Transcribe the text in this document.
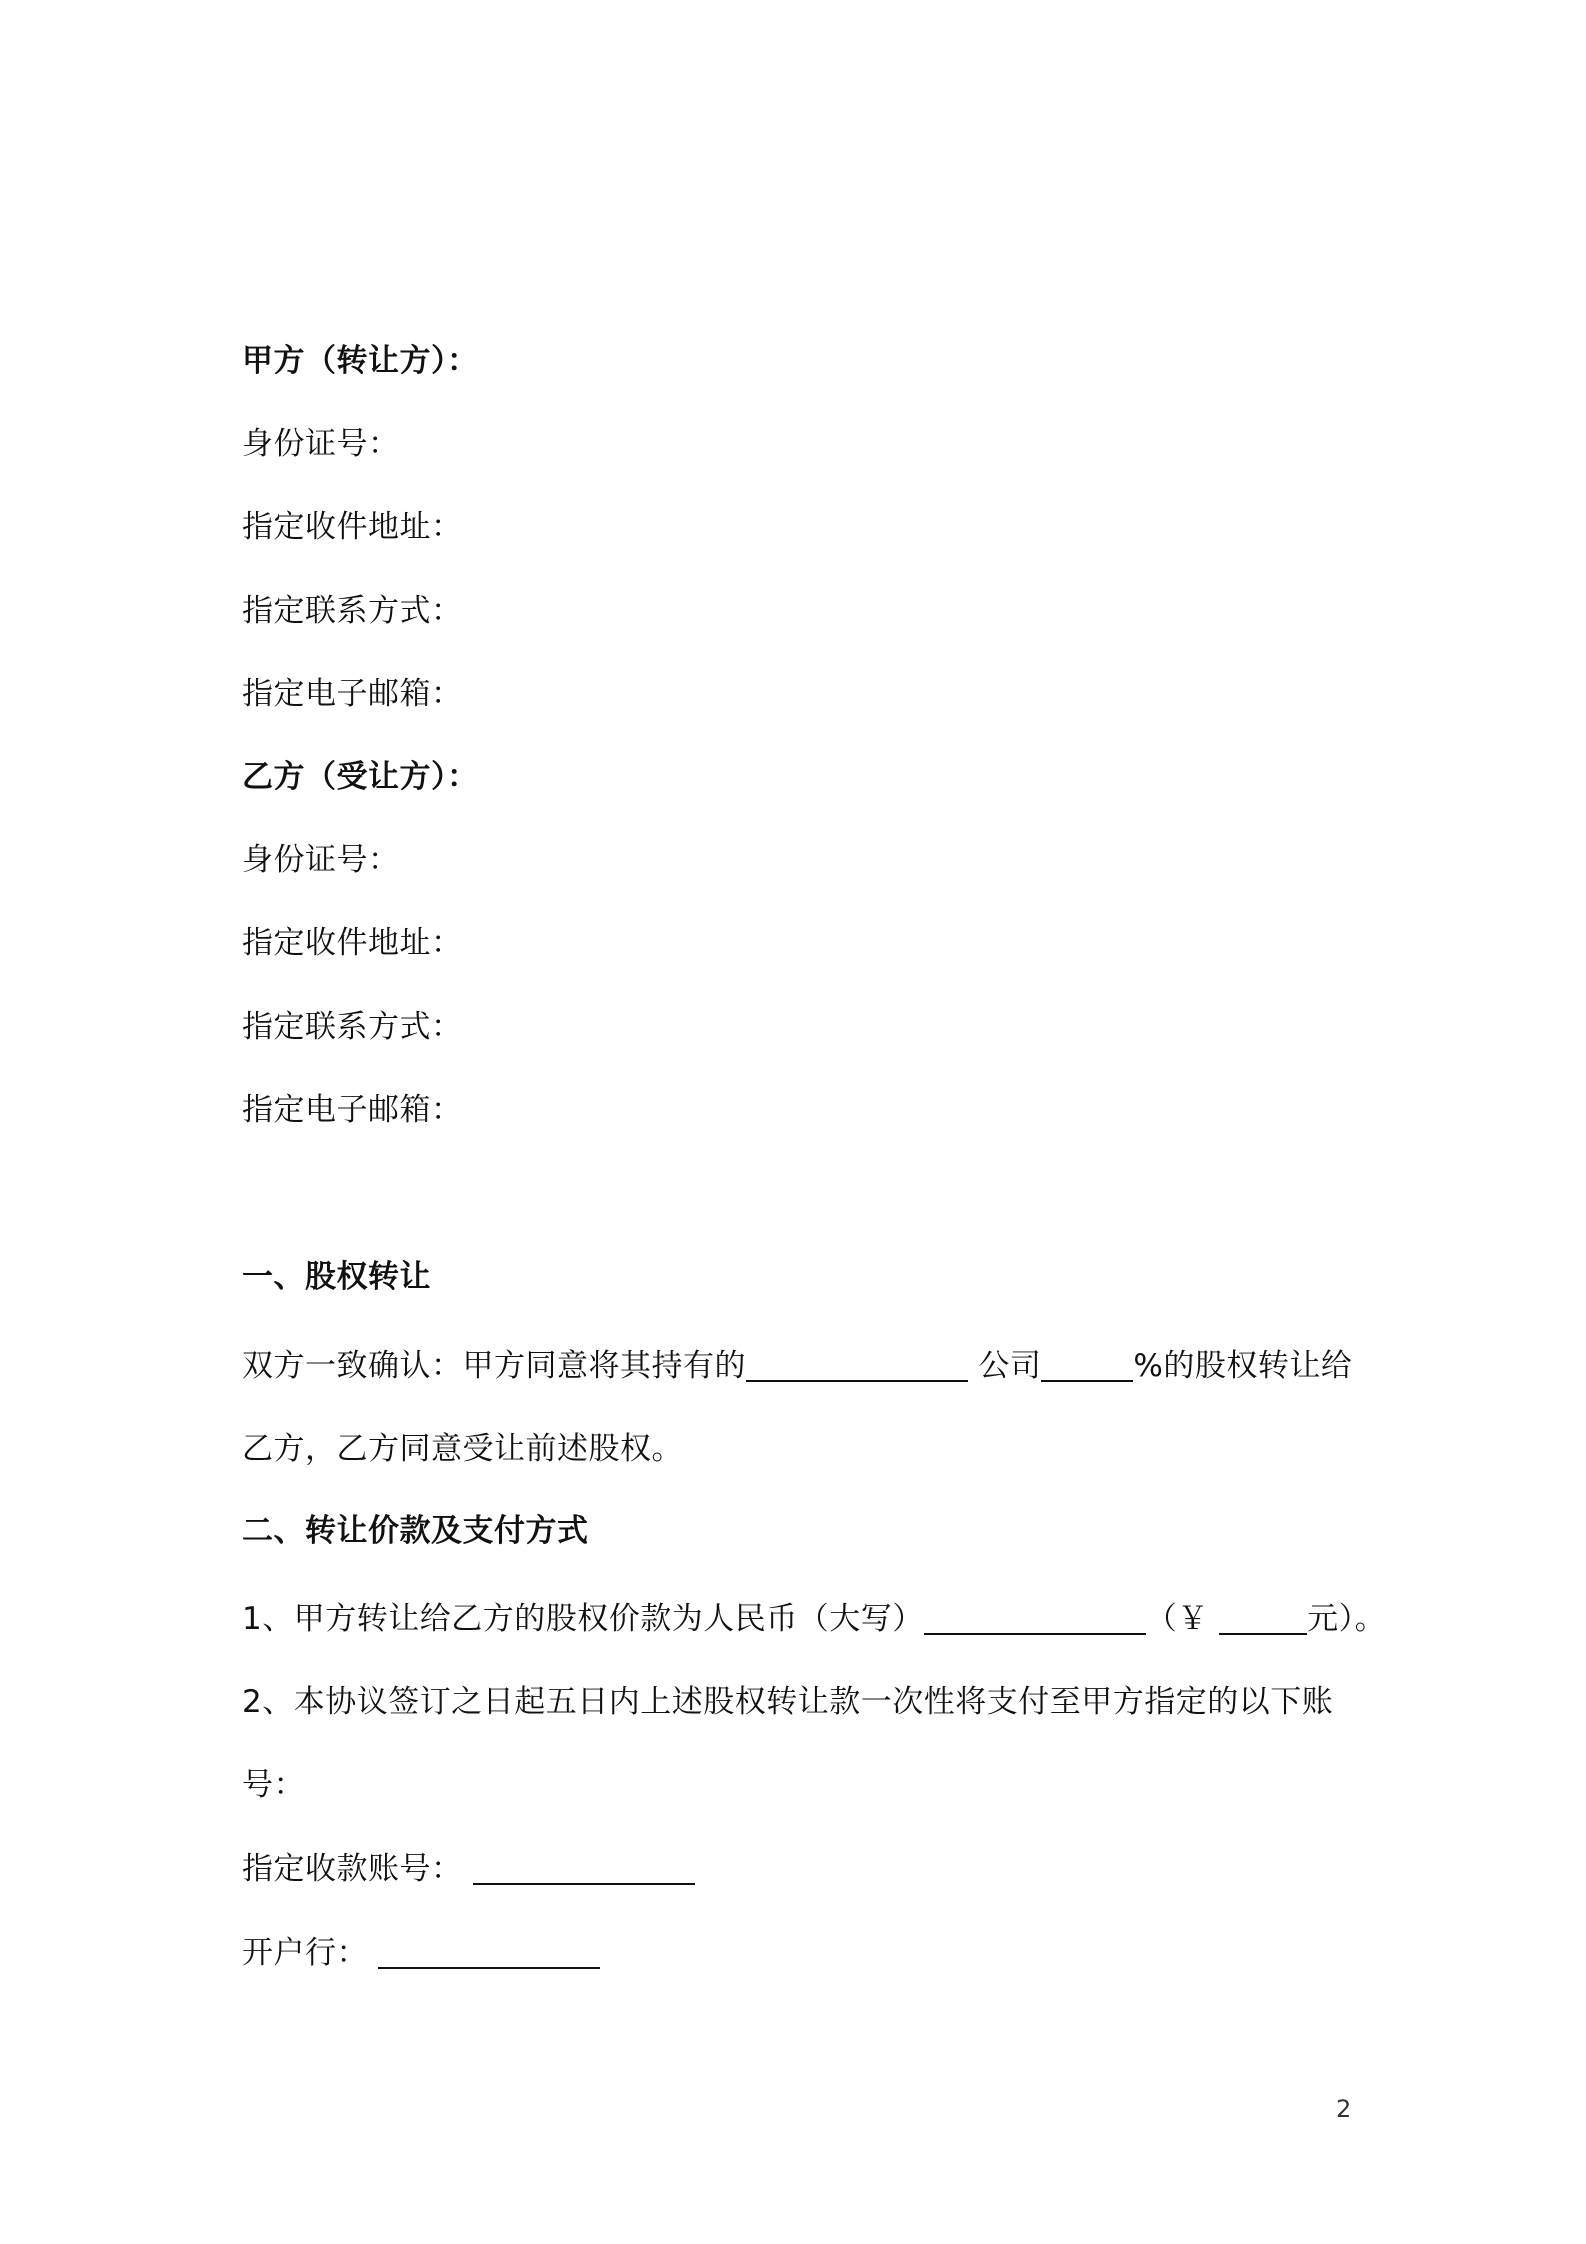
甲方（转让方）：
身份证号：
指定收件地址：
指定联系方式：
指定电子邮箱：
乙方（受让方）：
身份证号：
指定收件地址：
指定联系方式：
指定电子邮箱：
一、股权转让
双方一致确认：甲方同意将其持有的	公司	%的股权转让给
乙方，乙方同意受让前述股权。
二、转让价款及支付方式
1、甲方转让给乙方的股权价款为人民币（大写）	（￥	元）。
2、本协议签订之日起五日内上述股权转让款一次性将支付至甲方指定的以下账
号：
指定收款账号：
开户行：
2
